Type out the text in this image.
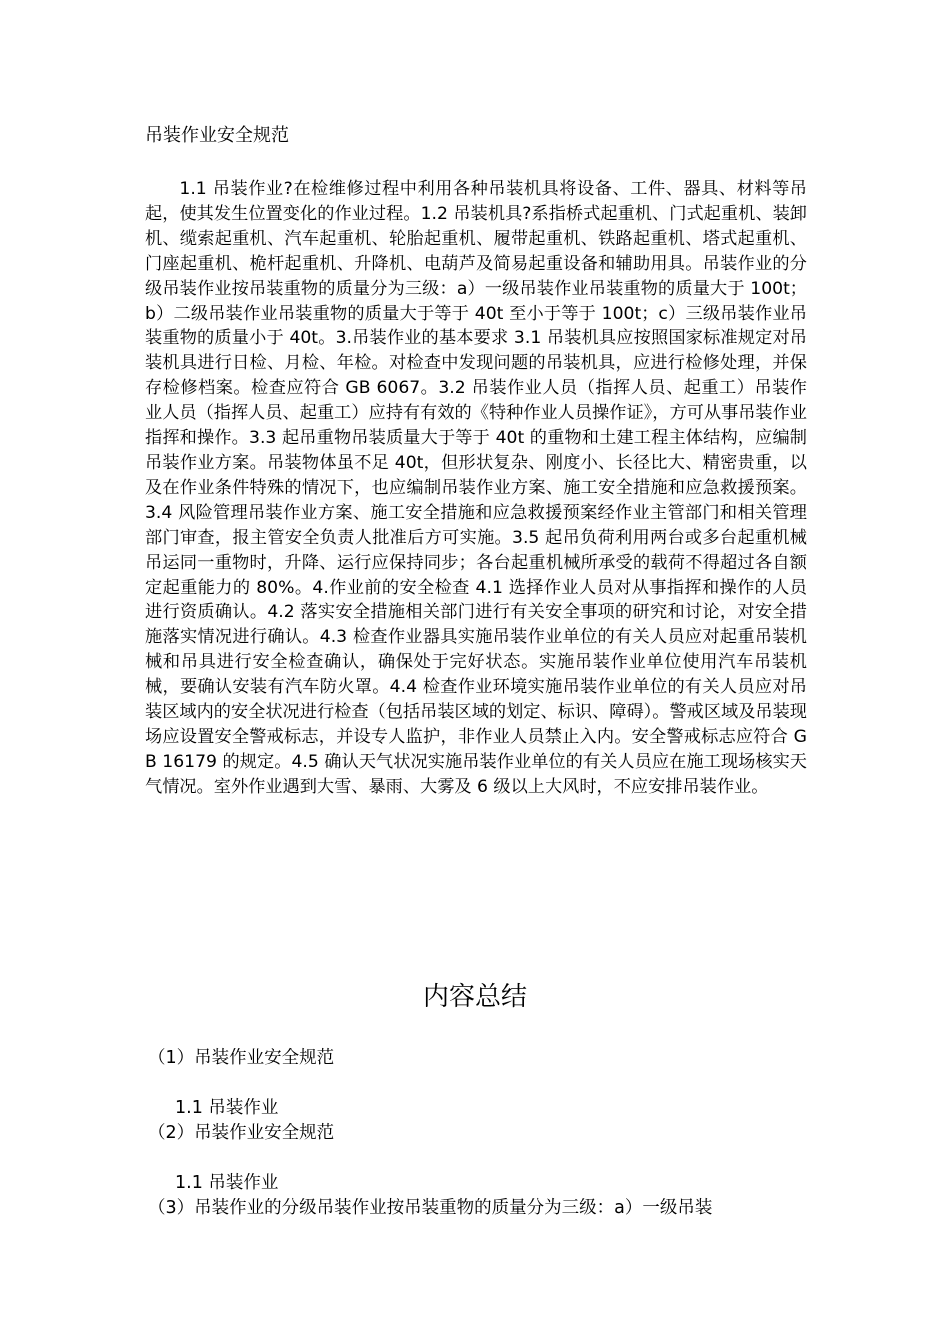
吊装作业安全规范
1.1 吊装作业?在检维修过程中利用各种吊装机具将设备、工件、器具、材料等吊起，使其发生位置变化的作业过程。1.2 吊装机具?系指桥式起重机、门式起重机、装卸机、缆索起重机、汽车起重机、轮胎起重机、履带起重机、铁路起重机、塔式起重机、门座起重机、桅杆起重机、升降机、电葫芦及简易起重设备和辅助用具。吊装作业的分级吊装作业按吊装重物的质量分为三级：a）一级吊装作业吊装重物的质量大于 100t；b）二级吊装作业吊装重物的质量大于等于 40t 至小于等于 100t；c）三级吊装作业吊装重物的质量小于 40t。3.吊装作业的基本要求 3.1 吊装机具应按照国家标准规定对吊装机具进行日检、月检、年检。对检查中发现问题的吊装机具，应进行检修处理，并保存检修档案。检查应符合 GB 6067。3.2 吊装作业人员（指挥人员、起重工）吊装作业人员（指挥人员、起重工）应持有有效的《特种作业人员操作证》，方可从事吊装作业指挥和操作。3.3 起吊重物吊装质量大于等于 40t 的重物和土建工程主体结构，应编制吊装作业方案。吊装物体虽不足 40t，但形状复杂、刚度小、长径比大、精密贵重，以及在作业条件特殊的情况下，也应编制吊装作业方案、施工安全措施和应急救援预案。3.4 风险管理吊装作业方案、施工安全措施和应急救援预案经作业主管部门和相关管理部门审查，报主管安全负责人批准后方可实施。3.5 起吊负荷利用两台或多台起重机械吊运同一重物时，升降、运行应保持同步；各台起重机械所承受的载荷不得超过各自额定起重能力的 80%。4.作业前的安全检查 4.1 选择作业人员对从事指挥和操作的人员进行资质确认。4.2 落实安全措施相关部门进行有关安全事项的研究和讨论，对安全措施落实情况进行确认。4.3 检查作业器具实施吊装作业单位的有关人员应对起重吊装机械和吊具进行安全检查确认，确保处于完好状态。实施吊装作业单位使用汽车吊装机械，要确认安装有汽车防火罩。4.4 检查作业环境实施吊装作业单位的有关人员应对吊装区域内的安全状况进行检查（包括吊装区域的划定、标识、障碍）。警戒区域及吊装现场应设置安全警戒标志，并设专人监护，非作业人员禁止入内。安全警戒标志应符合 GB 16179 的规定。4.5 确认天气状况实施吊装作业单位的有关人员应在施工现场核实天气情况。室外作业遇到大雪、暴雨、大雾及 6 级以上大风时，不应安排吊装作业。
内容总结
（1）吊装作业安全规范
1.1 吊装作业
（2）吊装作业安全规范
1.1 吊装作业
（3）吊装作业的分级吊装作业按吊装重物的质量分为三级：a）一级吊装
